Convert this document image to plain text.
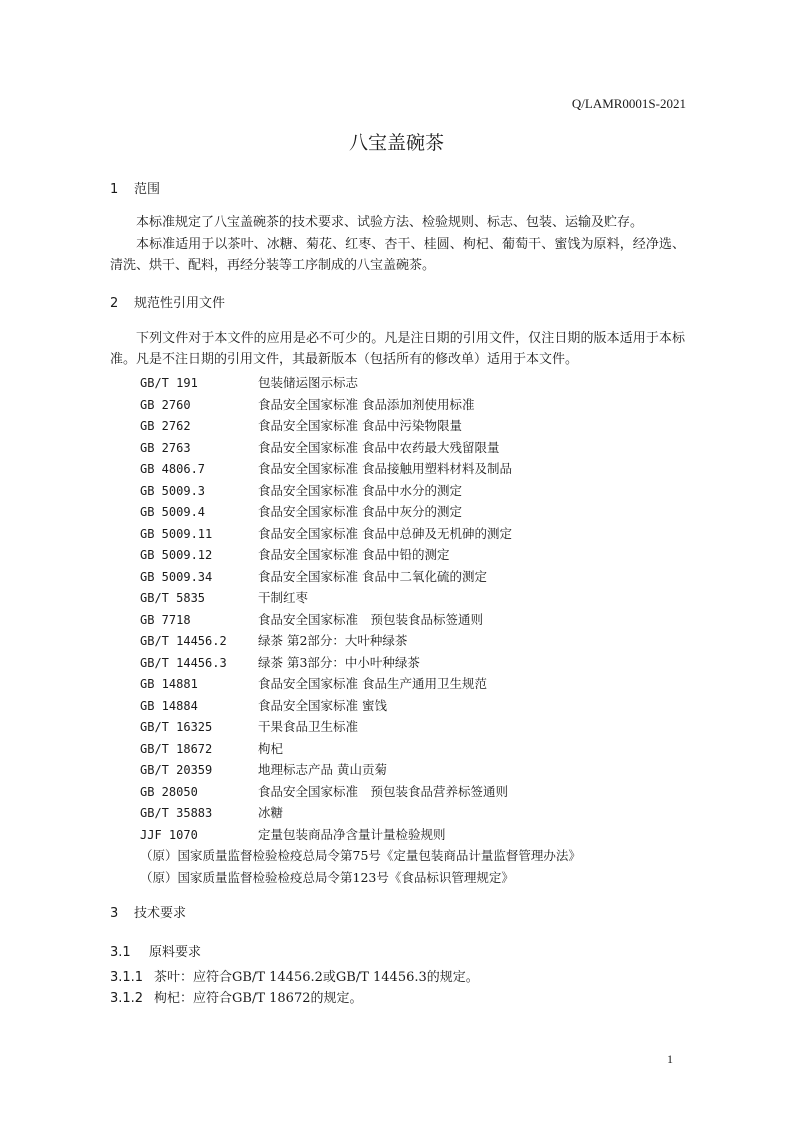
Q/LAMR0001S-2021
八宝盖碗茶
1 范围
本标准规定了八宝盖碗茶的技术要求、试验方法、检验规则、标志、包装、运输及贮存。
本标准适用于以茶叶、冰糖、菊花、红枣、杏干、桂圆、枸杞、葡萄干、蜜饯为原料，经净选、清洗、烘干、配料，再经分装等工序制成的八宝盖碗茶。
2 规范性引用文件
下列文件对于本文件的应用是必不可少的。凡是注日期的引用文件，仅注日期的版本适用于本标准。凡是不注日期的引用文件，其最新版本（包括所有的修改单）适用于本文件。
GB/T 191	包装储运图示标志
GB 2760	食品安全国家标准 食品添加剂使用标准
GB 2762	食品安全国家标准 食品中污染物限量
GB 2763	食品安全国家标准 食品中农药最大残留限量
GB 4806.7	食品安全国家标准 食品接触用塑料材料及制品
GB 5009.3	食品安全国家标准 食品中水分的测定
GB 5009.4	食品安全国家标准 食品中灰分的测定
GB 5009.11	食品安全国家标准 食品中总砷及无机砷的测定
GB 5009.12	食品安全国家标准 食品中铅的测定
GB 5009.34	食品安全国家标准 食品中二氧化硫的测定
GB/T 5835	干制红枣
GB 7718	食品安全国家标准　预包装食品标签通则
GB/T 14456.2	绿茶 第2部分：大叶种绿茶
GB/T 14456.3	绿茶 第3部分：中小叶种绿茶
GB 14881	食品安全国家标准 食品生产通用卫生规范
GB 14884	食品安全国家标准 蜜饯
GB/T 16325	干果食品卫生标准
GB/T 18672	枸杞
GB/T 20359	地理标志产品 黄山贡菊
GB 28050	食品安全国家标准　预包装食品营养标签通则
GB/T 35883	冰糖
JJF 1070	定量包装商品净含量计量检验规则
（原）国家质量监督检验检疫总局令第75号《定量包装商品计量监督管理办法》
（原）国家质量监督检验检疫总局令第123号《食品标识管理规定》
3 技术要求
3.1 原料要求
3.1.1 茶叶：应符合GB/T 14456.2或GB/T 14456.3的规定。
3.1.2 枸杞：应符合GB/T 18672的规定。
1
